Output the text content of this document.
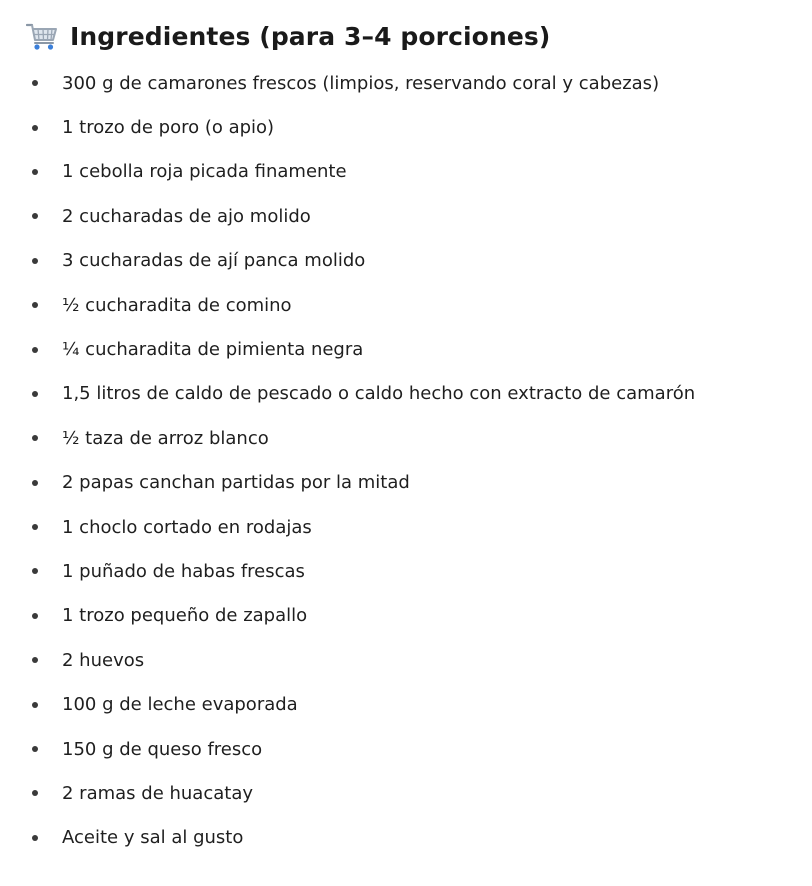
Ingredientes (para 3–4 porciones)
300 g de camarones frescos (limpios, reservando coral y cabezas)
1 trozo de poro (o apio)
1 cebolla roja picada finamente
2 cucharadas de ajo molido
3 cucharadas de ají panca molido
½ cucharadita de comino
¼ cucharadita de pimienta negra
1,5 litros de caldo de pescado o caldo hecho con extracto de camarón
½ taza de arroz blanco
2 papas canchan partidas por la mitad
1 choclo cortado en rodajas
1 puñado de habas frescas
1 trozo pequeño de zapallo
2 huevos
100 g de leche evaporada
150 g de queso fresco
2 ramas de huacatay
Aceite y sal al gusto
